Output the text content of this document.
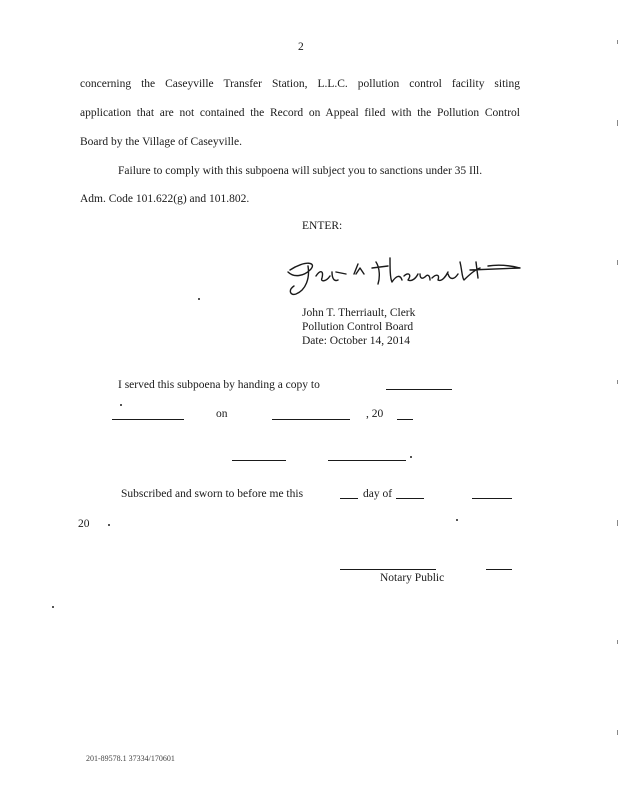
2
concerning the Caseyville Transfer Station, L.L.C. pollution control facility siting
application that are not contained the Record on Appeal filed with the Pollution Control
Board by the Village of Caseyville.
Failure to comply with this subpoena will subject you to sanctions under 35 Ill.
Adm. Code 101.622(g) and 101.802.
ENTER:
John T. Therriault, Clerk
Pollution Control Board
Date: October 14, 2014
I served this subpoena by handing a copy to
on	, 20
Subscribed and sworn to before me this	day of
20
Notary Public
201-89578.1 37334/170601
